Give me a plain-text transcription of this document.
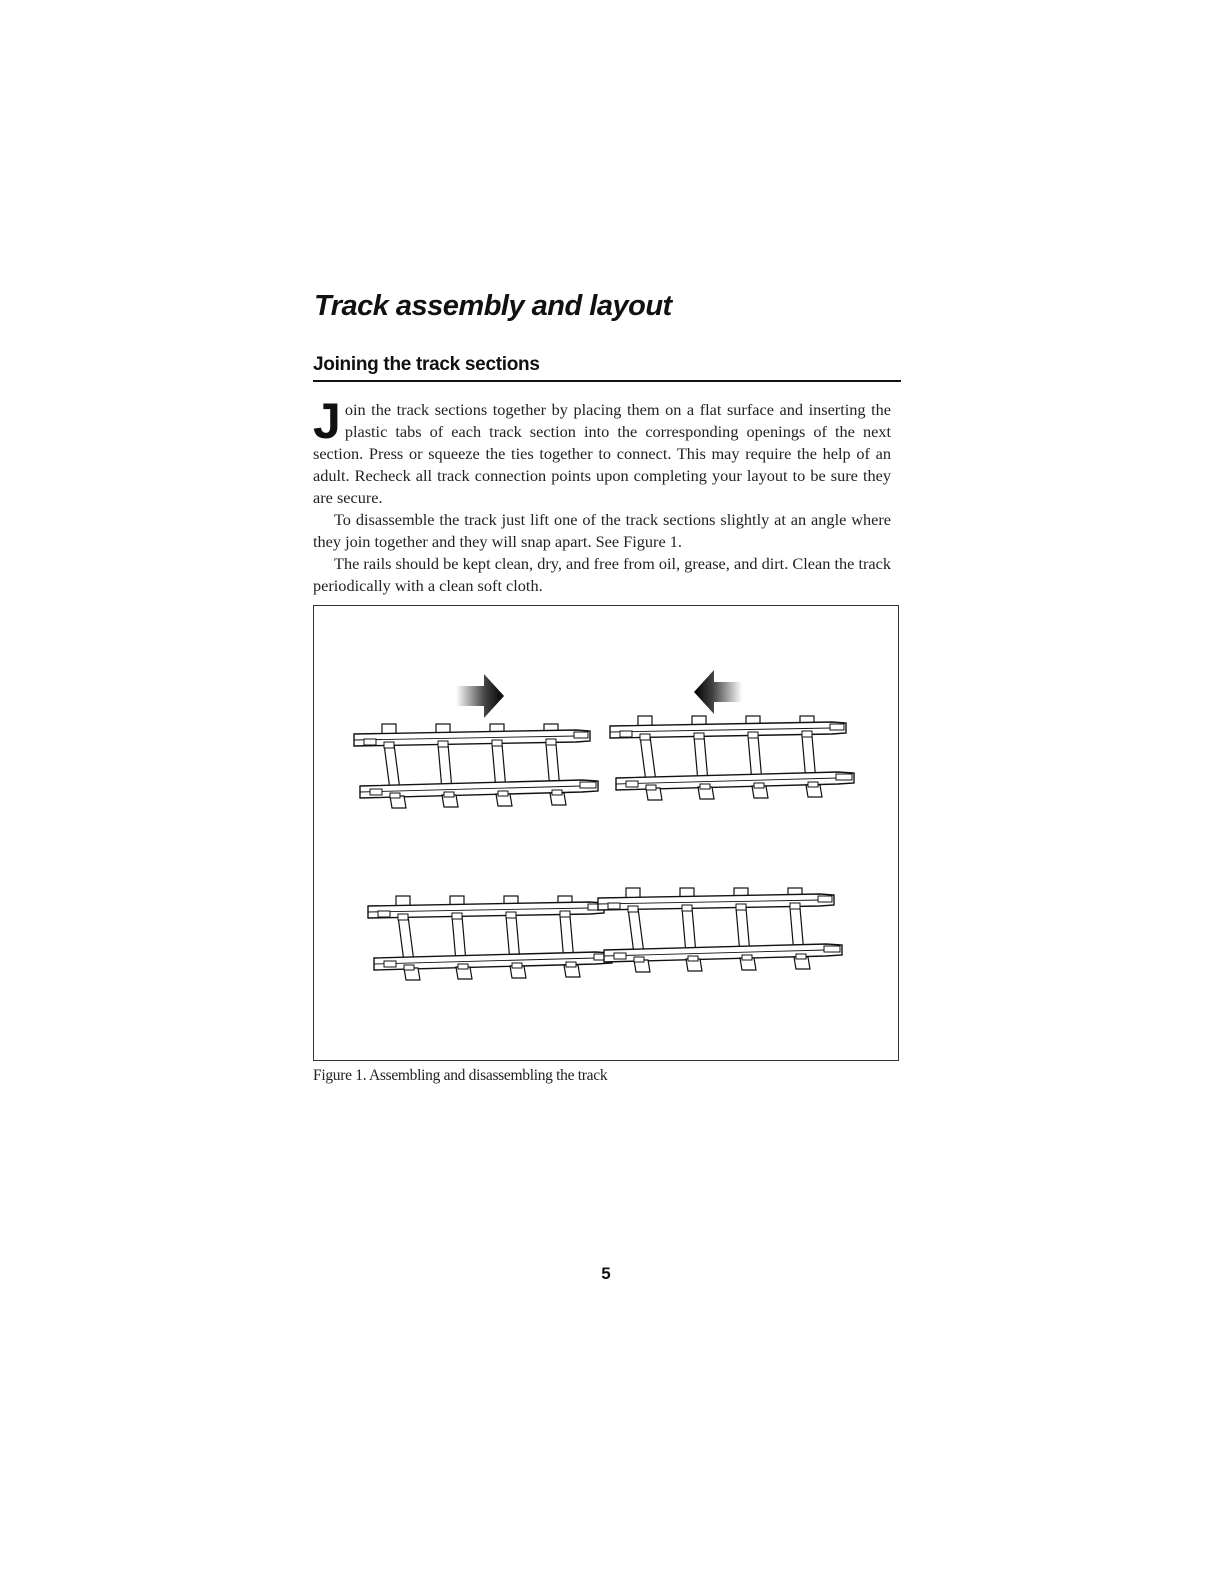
Track assembly and layout
Joining the track sections

Join the track sections together by placing them on a flat surface and inserting the plastic tabs of each track section into the corresponding openings of the next section. Press or squeeze the ties together to connect. This may require the help of an adult. Recheck all track connection points upon completing your layout to be sure they are secure.

To disassemble the track just lift one of the track sections slightly at an angle where they join together and they will snap apart. See Figure 1.

The rails should be kept clean, dry, and free from oil, grease, and dirt. Clean the track periodically with a clean soft cloth.

Figure 1. Assembling and disassembling the track
5
